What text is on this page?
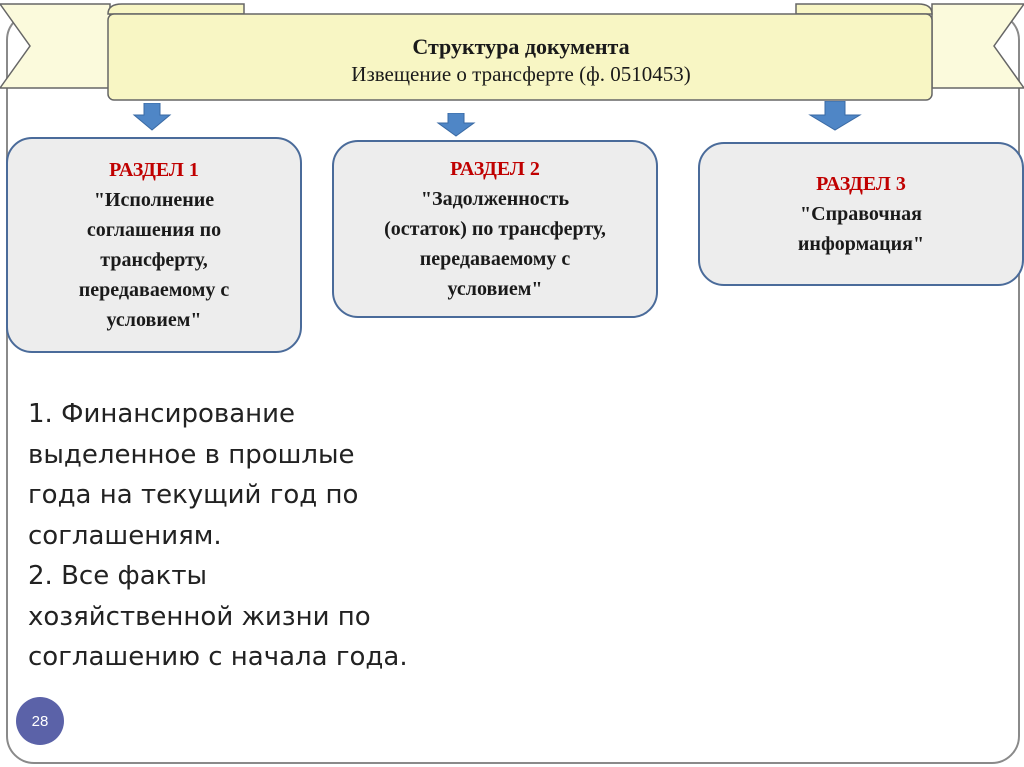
Структура документа
Извещение о трансферте (ф. 0510453)
РАЗДЕЛ 1
"Исполнение
соглашения по
трансферту,
передаваемому с
условием"
РАЗДЕЛ 2
"Задолженность
(остаток) по трансферту,
передаваемому с
условием"
РАЗДЕЛ 3
"Справочная
информация"
1. Финансирование
выделенное в прошлые
года на текущий год по
соглашениям.
2. Все факты
хозяйственной жизни по
соглашению с начала года.
28
